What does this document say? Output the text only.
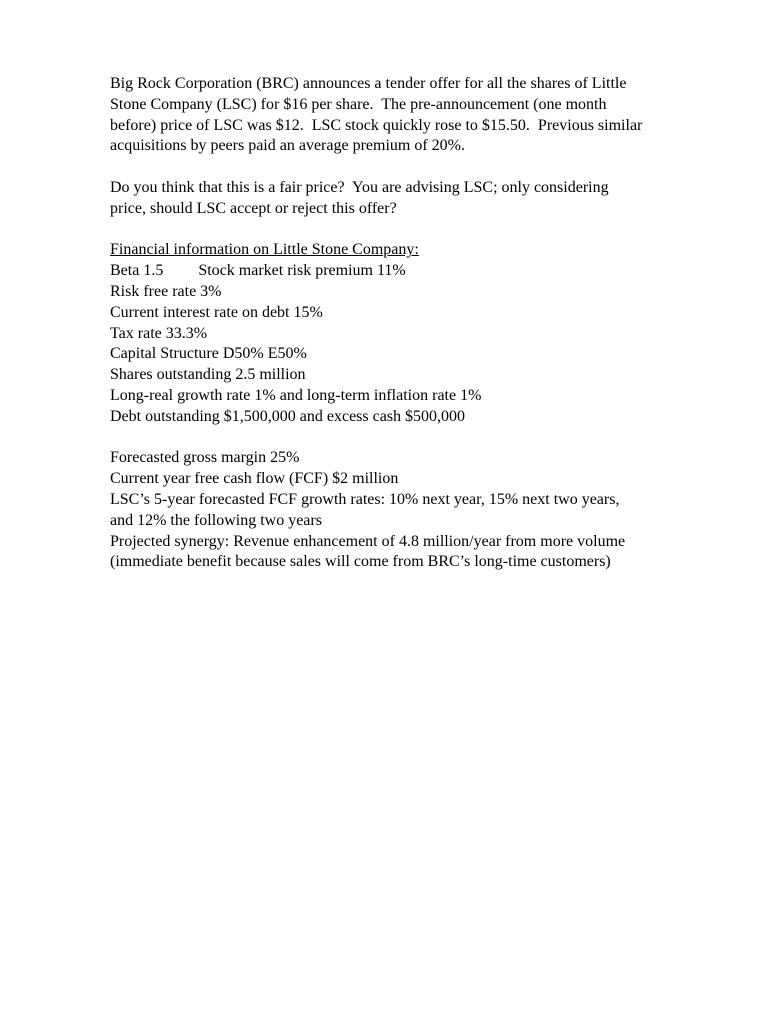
Big Rock Corporation (BRC) announces a tender offer for all the shares of Little
Stone Company (LSC) for $16 per share.  The pre-announcement (one month
before) price of LSC was $12.  LSC stock quickly rose to $15.50.  Previous similar
acquisitions by peers paid an average premium of 20%.
Do you think that this is a fair price?  You are advising LSC; only considering
price, should LSC accept or reject this offer?
Financial information on Little Stone Company:
Beta 1.5 Stock market risk premium 11%
Risk free rate 3%
Current interest rate on debt 15%
Tax rate 33.3%
Capital Structure D50% E50%
Shares outstanding 2.5 million
Long-real growth rate 1% and long-term inflation rate 1%
Debt outstanding $1,500,000 and excess cash $500,000
Forecasted gross margin 25%
Current year free cash flow (FCF) $2 million
LSC’s 5-year forecasted FCF growth rates: 10% next year, 15% next two years,
and 12% the following two years
Projected synergy: Revenue enhancement of 4.8 million/year from more volume
(immediate benefit because sales will come from BRC’s long-time customers)
